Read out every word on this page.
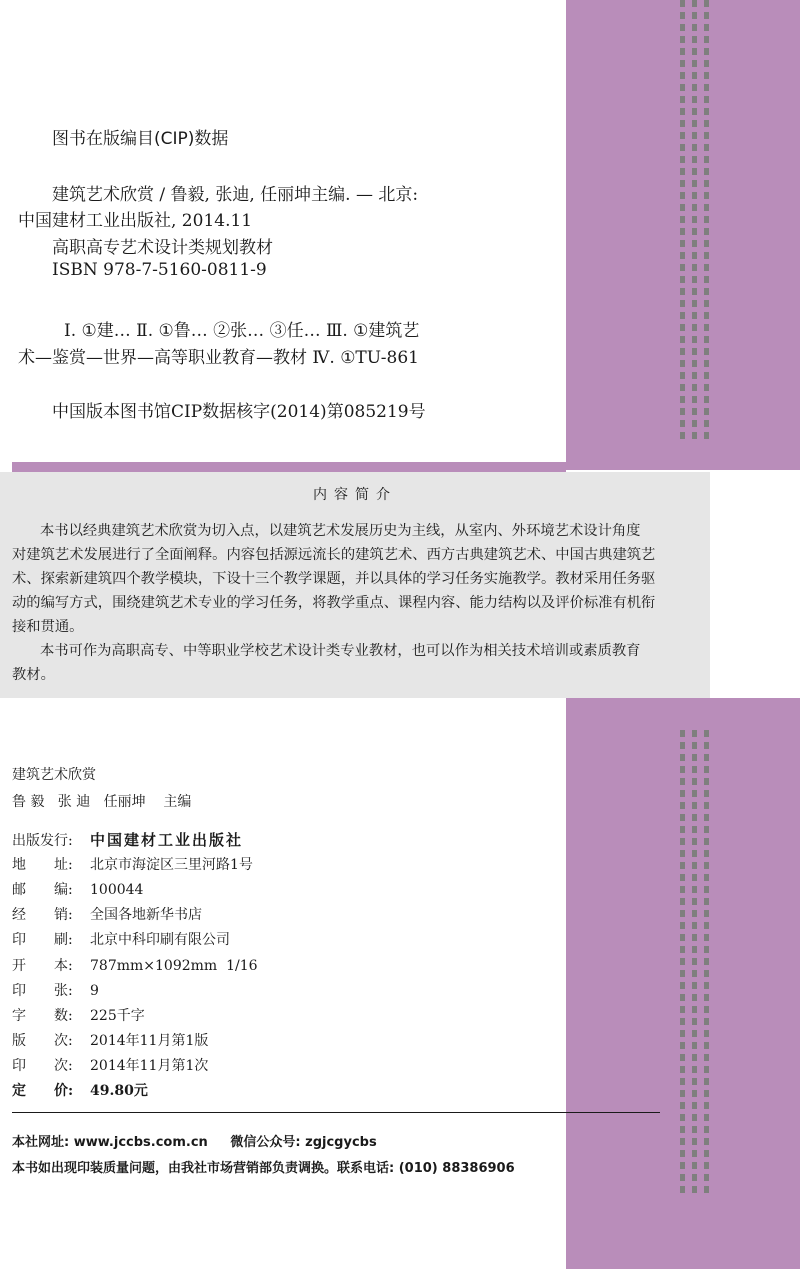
图书在版编目(CIP)数据
建筑艺术欣赏 / 鲁毅, 张迪, 任丽坤主编. — 北京:
中国建材工业出版社, 2014.11
高职高专艺术设计类规划教材
ISBN 978-7-5160-0811-9
Ⅰ. ①建… Ⅱ. ①鲁… ②张… ③任… Ⅲ. ①建筑艺
术—鉴赏—世界—高等职业教育—教材 Ⅳ. ①TU-861
中国版本图书馆CIP数据核字(2014)第085219号
内容简介
本书以经典建筑艺术欣赏为切入点，以建筑艺术发展历史为主线，从室内、外环境艺术设计角度
对建筑艺术发展进行了全面阐释。内容包括源远流长的建筑艺术、西方古典建筑艺术、中国古典建筑艺
术、探索新建筑四个教学模块，下设十三个教学课题，并以具体的学习任务实施教学。教材采用任务驱
动的编写方式，围绕建筑艺术专业的学习任务，将教学重点、课程内容、能力结构以及评价标准有机衔
接和贯通。
本书可作为高职高专、中等职业学校艺术设计类专业教材，也可以作为相关技术培训或素质教育
教材。
建筑艺术欣赏
鲁 毅   张 迪   任丽坤    主编
出版发行: 中国建材工业出版社
地　　址: 北京市海淀区三里河路1号
邮　　编: 100044
经　　销: 全国各地新华书店
印　　刷: 北京中科印刷有限公司
开　　本: 787mm×1092mm  1/16
印　　张: 9
字　　数: 225千字
版　　次: 2014年11月第1版
印　　次: 2014年11月第1次
定　　价: 49.80元
本社网址: www.jccbs.com.cn     微信公众号: zgjcgycbs
本书如出现印装质量问题，由我社市场营销部负责调换。联系电话: (010) 88386906
